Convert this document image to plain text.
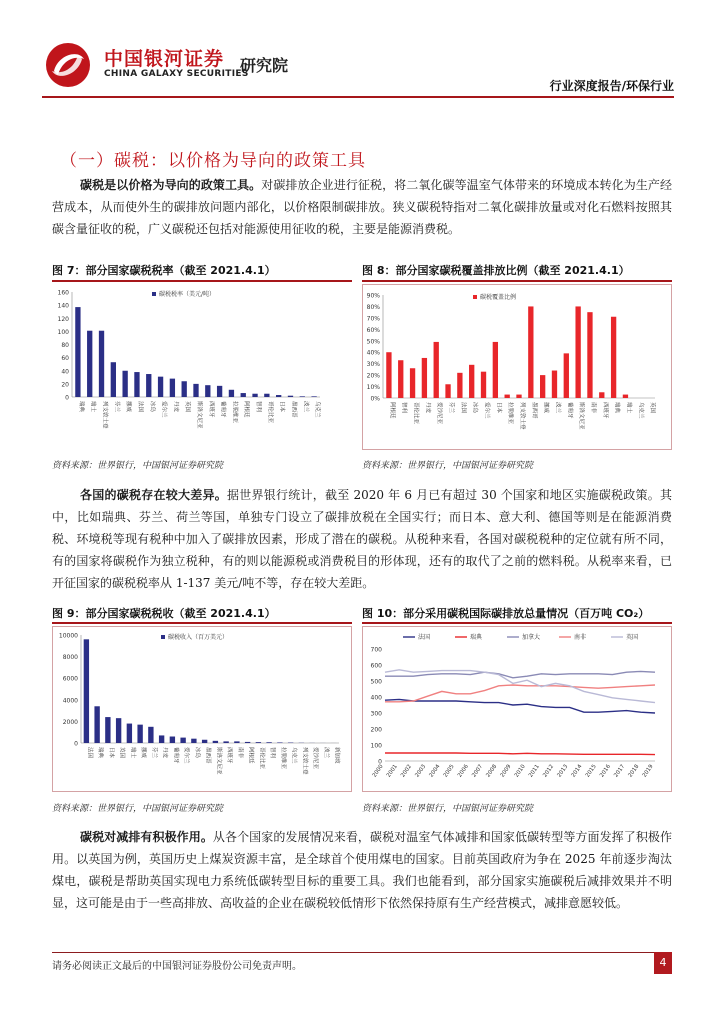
中国银河证券
CHINA GALAXY SECURITIES
研究院
行业深度报告/环保行业
（一）碳税：以价格为导向的政策工具
碳税是以价格为导向的政策工具。对碳排放企业进行征税，将二氧化碳等温室气体带来的环境成本转化为生产经营成本，从而使外生的碳排放问题内部化，以价格限制碳排放。狭义碳税特指对二氧化碳排放量或对化石燃料按照其碳含量征收的税，广义碳税还包括对能源使用征收的税，主要是能源消费税。
图 7：部分国家碳税税率（截至 2021.4.1）
0
20
40
60
80
100
120
140
160
瑞典	瑞士	列支敦士登	芬兰	挪威	法国	冰岛	爱尔兰	丹麦	英国	斯洛文尼亚	西班牙	葡萄牙	拉脱维亚	阿根廷	智利	哥伦比亚	日本	墨西哥	波兰	乌克兰
碳税税率（美元/吨）
资料来源：世界银行，中国银河证券研究院
图 8：部分国家碳税覆盖排放比例（截至 2021.4.1）
0%
10%
20%
30%
40%
50%
60%
70%
80%
90%
阿根廷	智利	哥伦比亚	丹麦	爱沙尼亚	芬兰	法国	冰岛	爱尔兰	日本	拉脱维亚	列支敦士登	墨西哥	挪威	波兰	葡萄牙	斯洛文尼亚	南非	西班牙	瑞典	瑞士	乌克兰	英国
碳税覆盖比例
资料来源：世界银行，中国银河证券研究院
各国的碳税存在较大差异。据世界银行统计，截至 2020 年 6 月已有超过 30 个国家和地区实施碳税政策。其中，比如瑞典、芬兰、荷兰等国，单独专门设立了碳排放税在全国实行；而日本、意大利、德国等则是在能源消费税、环境税等现有税种中加入了碳排放因素，形成了潜在的碳税。从税种来看，各国对碳税税种的定位就有所不同，有的国家将碳税作为独立税种，有的则以能源税或消费税目的形体现，还有的取代了之前的燃料税。从税率来看，已开征国家的碳税税率从 1-137 美元/吨不等，存在较大差距。
图 9：部分国家碳税税收（截至 2021.4.1）
0
2000
4000
6000
8000
10000
法国 瑞典 日本 英国 瑞士 挪威 芬兰 丹麦 葡萄牙 爱尔兰 冰岛 墨西哥 斯洛文尼亚 西班牙 南非 阿根廷 哥伦比亚 智利 拉脱维亚 乌克兰 列支敦士登 爱沙尼亚 波兰 新加坡
碳税收入（百万美元）
资料来源：世界银行，中国银河证券研究院
图 10：部分采用碳税国际碳排放总量情况（百万吨 CO₂）
0
100
200
300
400
500
600
700
2000 2001 2002 2003 2004 2005 2006 2007 2008 2009 2010 2011 2012 2013 2014 2015 2016 2017 2018 2019
法国	瑞典	加拿大	南非	英国
资料来源：世界银行，中国银河证券研究院
碳税对减排有积极作用。从各个国家的发展情况来看，碳税对温室气体减排和国家低碳转型等方面发挥了积极作用。以英国为例，英国历史上煤炭资源丰富，是全球首个使用煤电的国家。目前英国政府为争在 2025 年前逐步淘汰煤电，碳税是帮助英国实现电力系统低碳转型目标的重要工具。我们也能看到，部分国家实施碳税后减排效果并不明显，这可能是由于一些高排放、高收益的企业在碳税较低情形下依然保持原有生产经营模式，减排意愿较低。
请务必阅读正文最后的中国银河证券股份公司免责声明。	4
